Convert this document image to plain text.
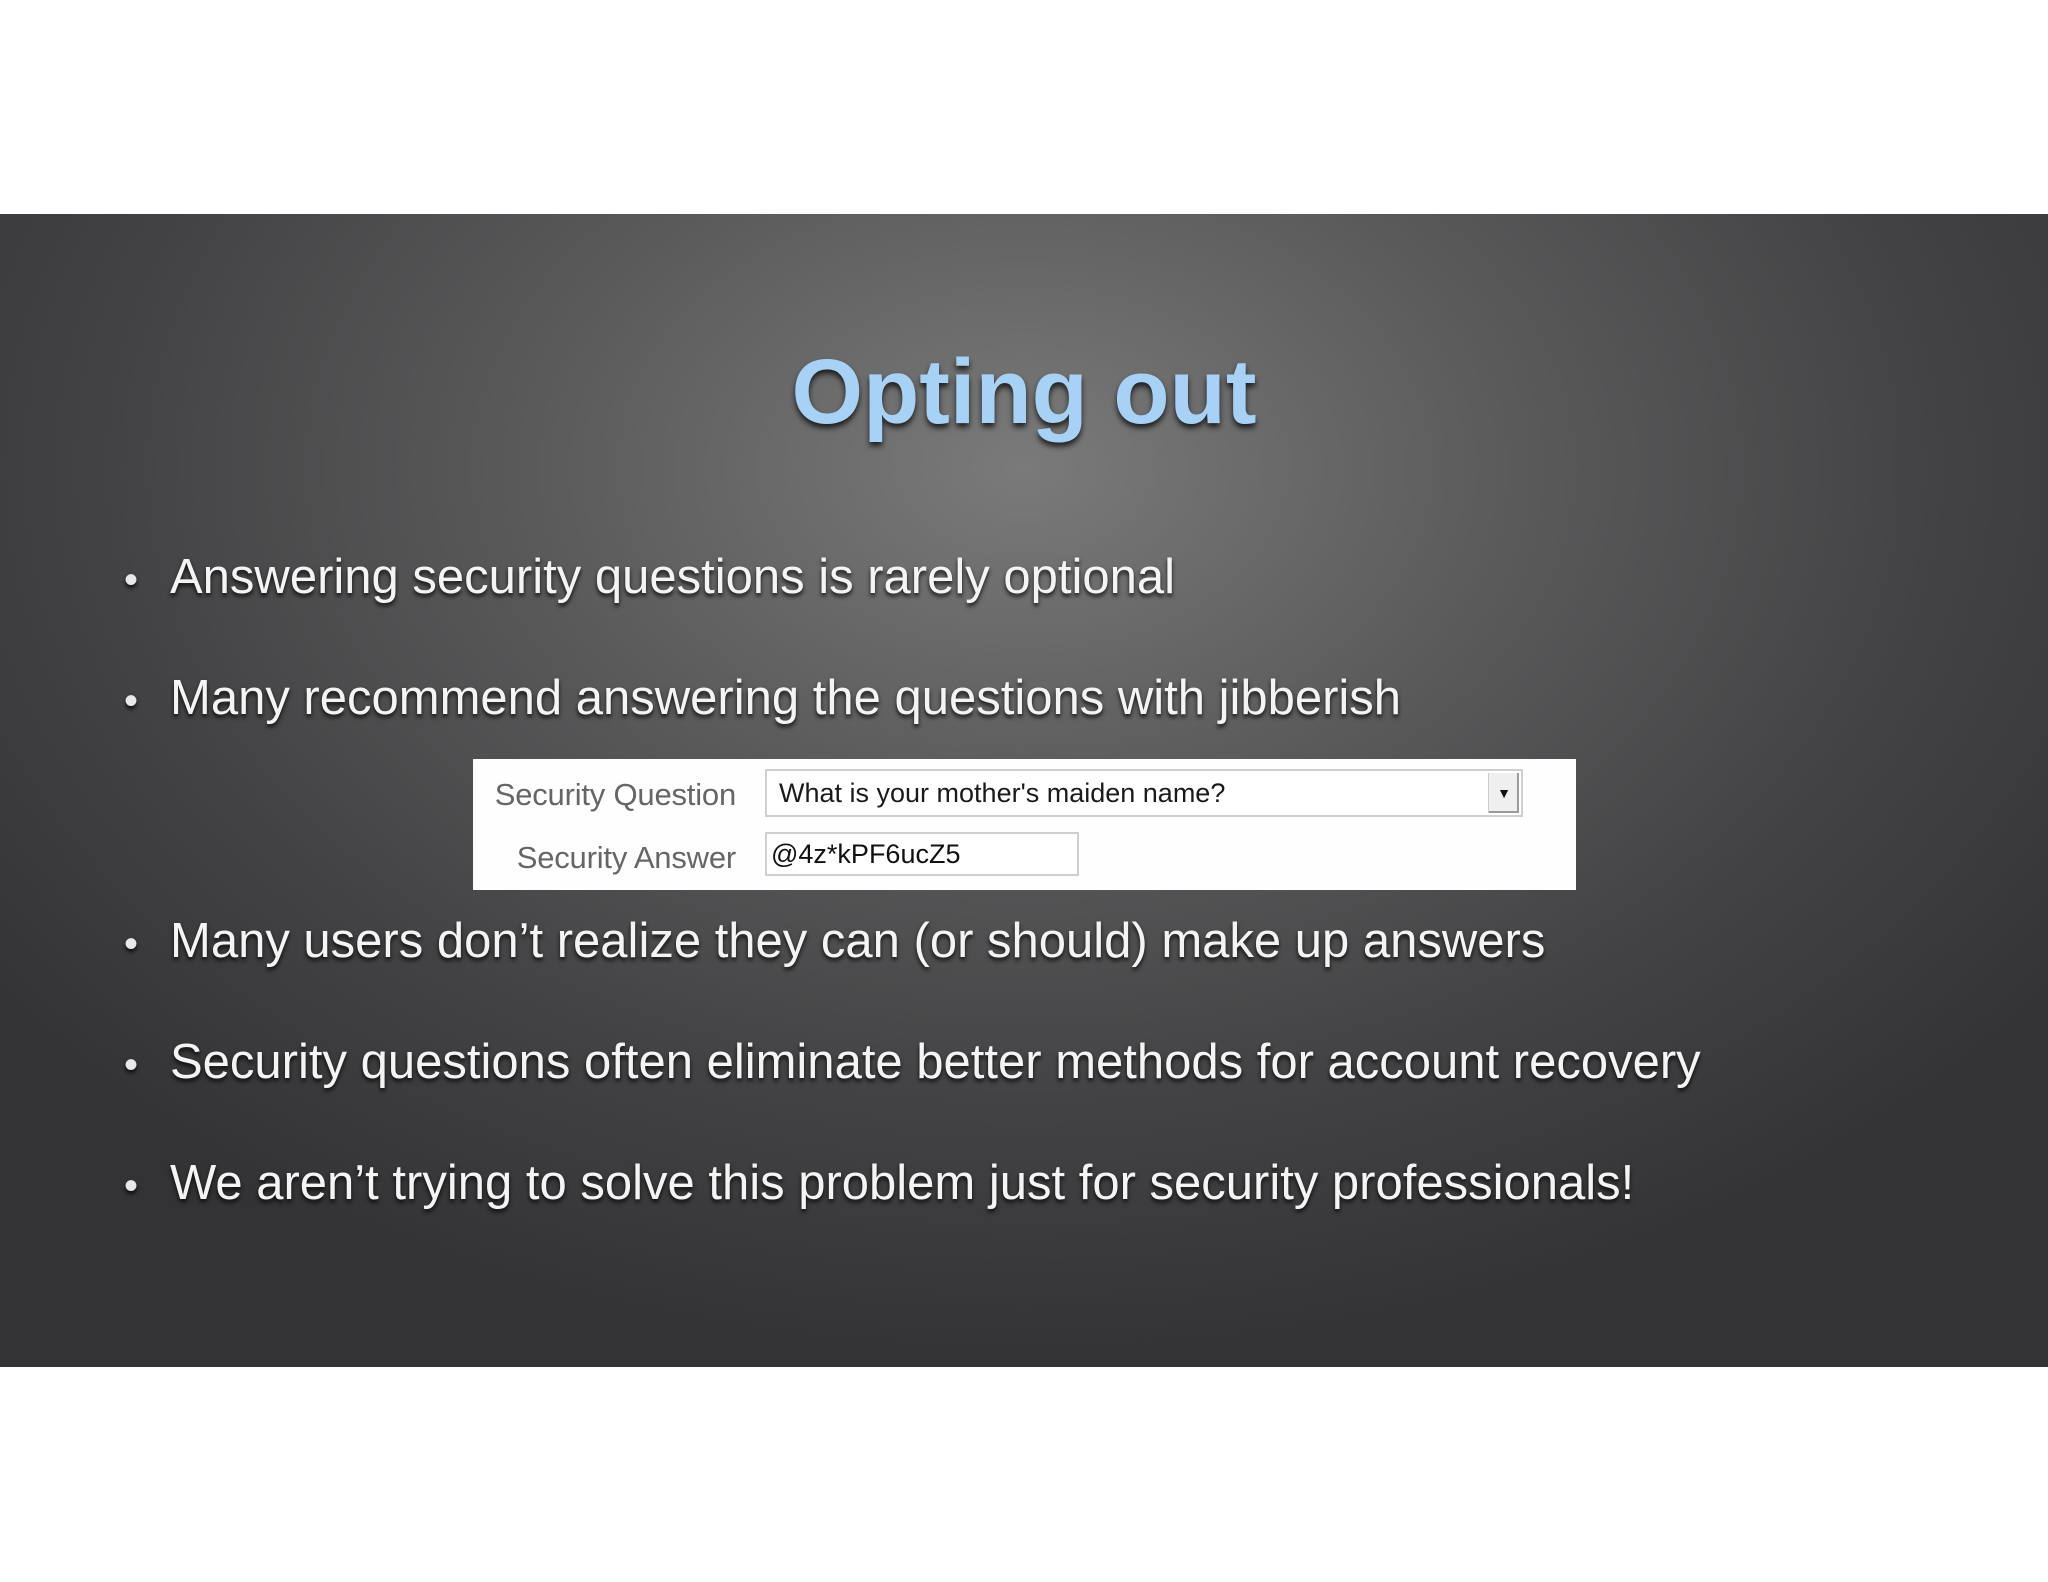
Opting out
• Answering security questions is rarely optional
• Many recommend answering the questions with jibberish
• Many users don’t realize they can (or should) make up answers
• Security questions often eliminate better methods for account recovery
• We aren’t trying to solve this problem just for security professionals!
Security Question What is your mother's maiden name?	▼
Security Answer
@4z*kPF6ucZ5
